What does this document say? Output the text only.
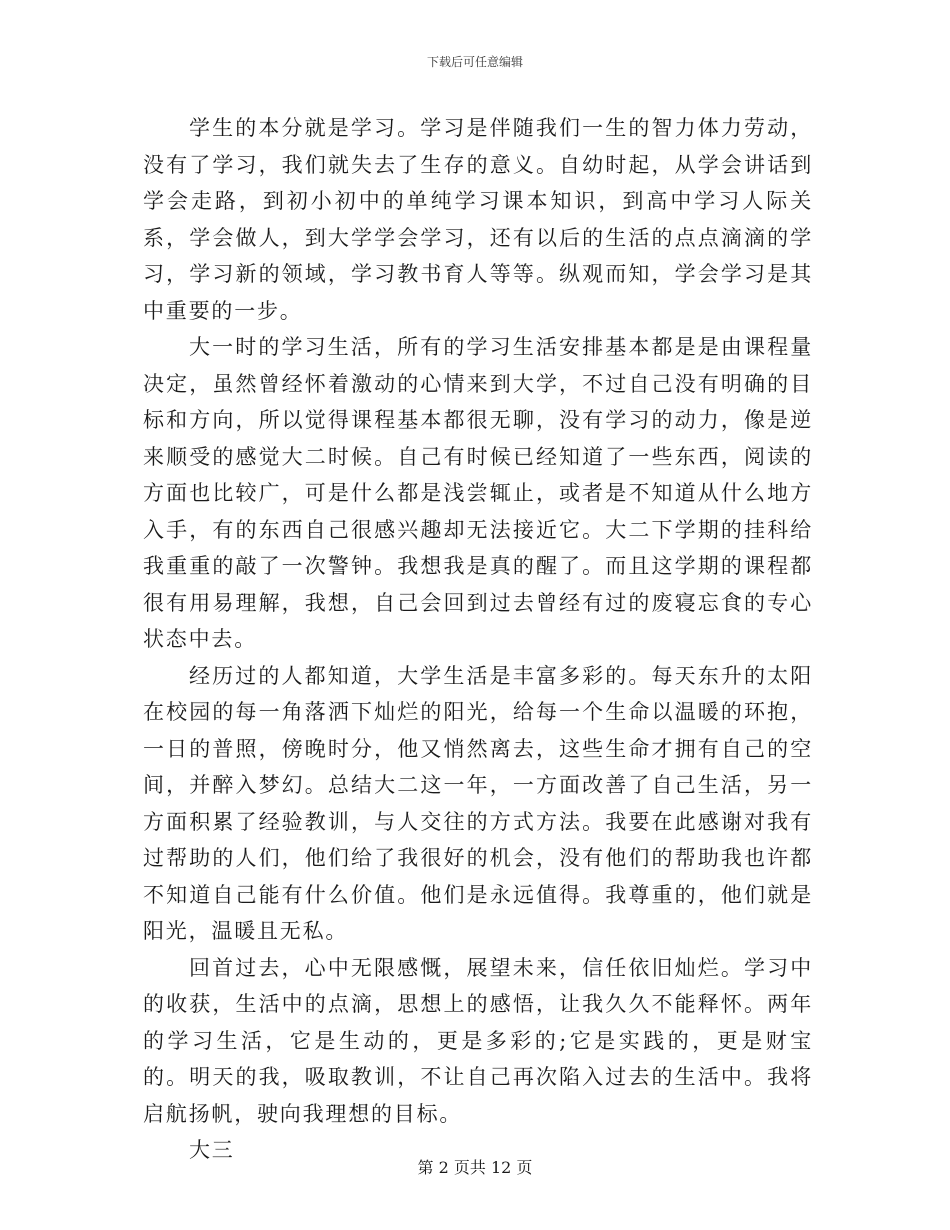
下载后可任意编辑

学生的本分就是学习。学习是伴随我们一生的智力体力劳动，没有了学习，我们就失去了生存的意义。自幼时起，从学会讲话到学会走路，到初小初中的单纯学习课本知识，到高中学习人际关系，学会做人，到大学学会学习，还有以后的生活的点点滴滴的学习，学习新的领域，学习教书育人等等。纵观而知，学会学习是其中重要的一步。

大一时的学习生活，所有的学习生活安排基本都是是由课程量决定，虽然曾经怀着激动的心情来到大学，不过自己没有明确的目标和方向，所以觉得课程基本都很无聊，没有学习的动力，像是逆来顺受的感觉大二时候。自己有时候已经知道了一些东西，阅读的方面也比较广，可是什么都是浅尝辄止，或者是不知道从什么地方入手，有的东西自己很感兴趣却无法接近它。大二下学期的挂科给我重重的敲了一次警钟。我想我是真的醒了。而且这学期的课程都很有用易理解，我想，自己会回到过去曾经有过的废寝忘食的专心状态中去。

经历过的人都知道，大学生活是丰富多彩的。每天东升的太阳在校园的每一角落洒下灿烂的阳光，给每一个生命以温暖的环抱，一日的普照，傍晚时分，他又悄然离去，这些生命才拥有自己的空间，并醉入梦幻。总结大二这一年，一方面改善了自己生活，另一方面积累了经验教训，与人交往的方式方法。我要在此感谢对我有过帮助的人们，他们给了我很好的机会，没有他们的帮助我也许都不知道自己能有什么价值。他们是永远值得。我尊重的，他们就是阳光，温暖且无私。

回首过去，心中无限感慨，展望未来，信任依旧灿烂。学习中的收获，生活中的点滴，思想上的感悟，让我久久不能释怀。两年的学习生活，它是生动的，更是多彩的;它是实践的，更是财宝的。明天的我，吸取教训，不让自己再次陷入过去的生活中。我将启航扬帆，驶向我理想的目标。

大三

第 2 页共 12 页
